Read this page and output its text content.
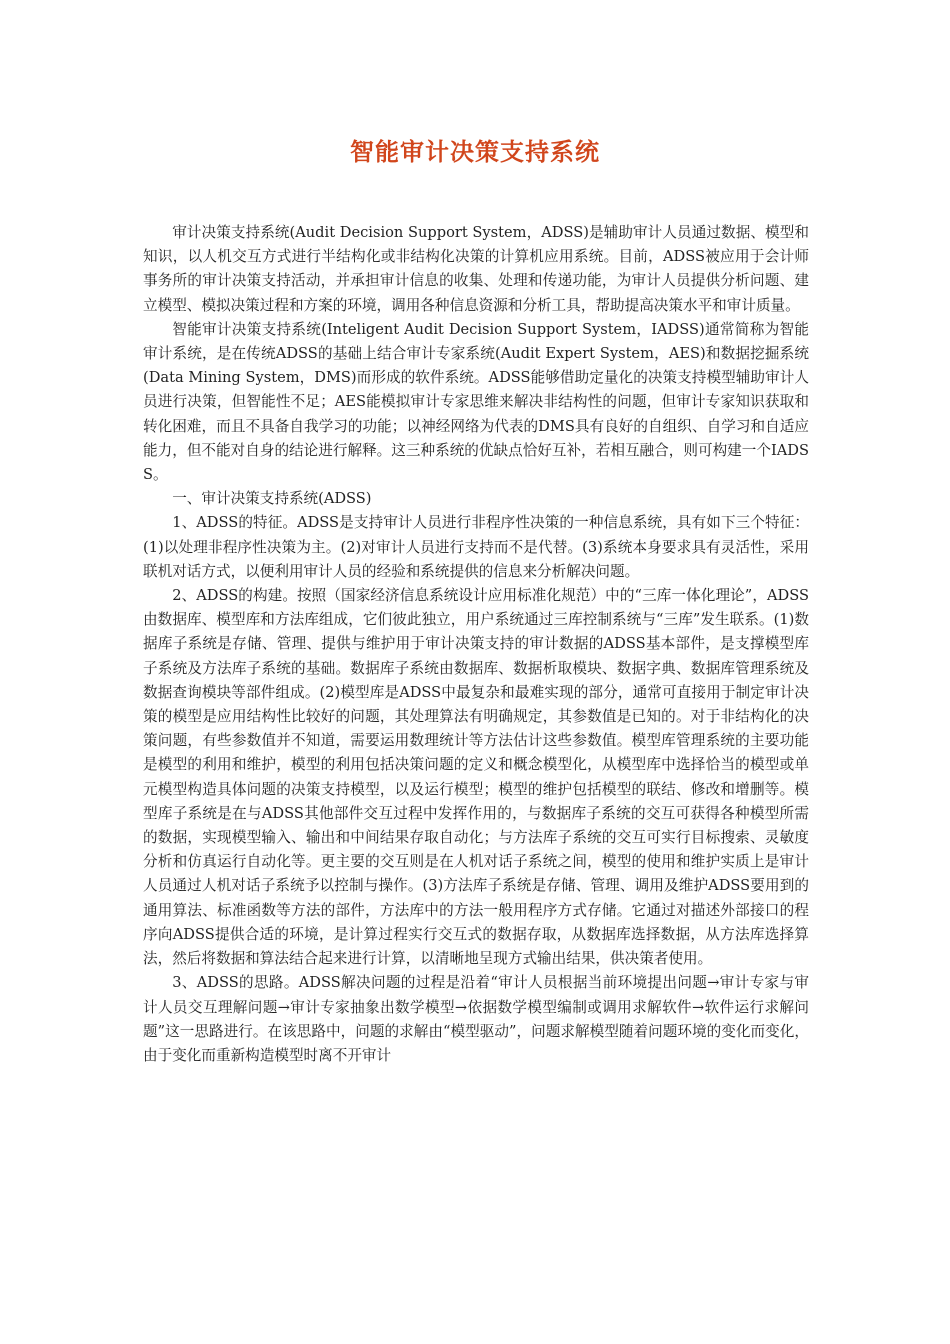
智能审计决策支持系统

审计决策支持系统(Audit Decision Support System，ADSS)是辅助审计人员通过数据、模型和知识，以人机交互方式进行半结构化或非结构化决策的计算机应用系统。目前，ADSS被应用于会计师事务所的审计决策支持活动，并承担审计信息的收集、处理和传递功能，为审计人员提供分析问题、建立模型、模拟决策过程和方案的环境，调用各种信息资源和分析工具，帮助提高决策水平和审计质量。

智能审计决策支持系统(Inteligent Audit Decision Support System，IADSS)通常简称为智能审计系统，是在传统ADSS的基础上结合审计专家系统(Audit Expert System，AES)和数据挖掘系统(Data Mining System，DMS)而形成的软件系统。ADSS能够借助定量化的决策支持模型辅助审计人员进行决策，但智能性不足；AES能模拟审计专家思维来解决非结构性的问题，但审计专家知识获取和转化困难，而且不具备自我学习的功能；以神经网络为代表的DMS具有良好的自组织、自学习和自适应能力，但不能对自身的结论进行解释。这三种系统的优缺点恰好互补，若相互融合，则可构建一个IADSS。

一、审计决策支持系统(ADSS)

1、ADSS的特征。ADSS是支持审计人员进行非程序性决策的一种信息系统，具有如下三个特征：(1)以处理非程序性决策为主。(2)对审计人员进行支持而不是代替。(3)系统本身要求具有灵活性，采用联机对话方式，以便利用审计人员的经验和系统提供的信息来分析解决问题。

2、ADSS的构建。按照（国家经济信息系统设计应用标准化规范）中的“三库一体化理论”，ADSS由数据库、模型库和方法库组成，它们彼此独立，用户系统通过三库控制系统与“三库”发生联系。(1)数据库子系统是存储、管理、提供与维护用于审计决策支持的审计数据的ADSS基本部件，是支撑模型库子系统及方法库子系统的基础。数据库子系统由数据库、数据析取模块、数据字典、数据库管理系统及数据查询模块等部件组成。(2)模型库是ADSS中最复杂和最难实现的部分，通常可直接用于制定审计决策的模型是应用结构性比较好的问题，其处理算法有明确规定，其参数值是已知的。对于非结构化的决策问题，有些参数值并不知道，需要运用数理统计等方法估计这些参数值。模型库管理系统的主要功能是模型的利用和维护，模型的利用包括决策问题的定义和概念模型化，从模型库中选择恰当的模型或单元模型构造具体问题的决策支持模型，以及运行模型；模型的维护包括模型的联结、修改和增删等。模型库子系统是在与ADSS其他部件交互过程中发挥作用的，与数据库子系统的交互可获得各种模型所需的数据，实现模型输入、输出和中间结果存取自动化；与方法库子系统的交互可实行目标搜索、灵敏度分析和仿真运行自动化等。更主要的交互则是在人机对话子系统之间，模型的使用和维护实质上是审计人员通过人机对话子系统予以控制与操作。(3)方法库子系统是存储、管理、调用及维护ADSS要用到的通用算法、标准函数等方法的部件，方法库中的方法一般用程序方式存储。它通过对描述外部接口的程序向ADSS提供合适的环境，是计算过程实行交互式的数据存取，从数据库选择数据，从方法库选择算法，然后将数据和算法结合起来进行计算，以清晰地呈现方式输出结果，供决策者使用。

3、ADSS的思路。ADSS解决问题的过程是沿着“审计人员根据当前环境提出问题→审计专家与审计人员交互理解问题→审计专家抽象出数学模型→依据数学模型编制或调用求解软件→软件运行求解问题”这一思路进行。在该思路中，问题的求解由“模型驱动”，问题求解模型随着问题环境的变化而变化，由于变化而重新构造模型时离不开审计
